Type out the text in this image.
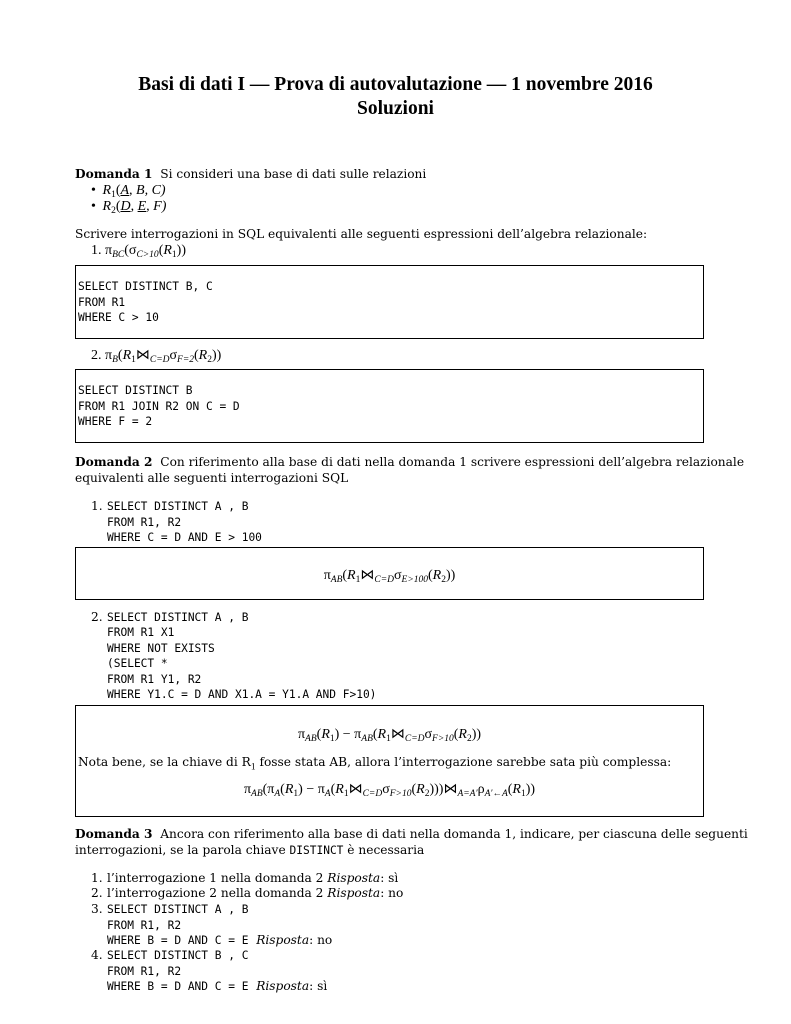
Basi di dati I — Prova di autovalutazione — 1 novembre 2016
Soluzioni
Domanda 1 Si consideri una base di dati sulle relazioni
• $R_1(A$, B, C)
• $R_2(D$, E, F)
Scrivere interrogazioni in SQL equivalenti alle seguenti espressioni dell’algebra relazionale:
1. $\pi_{BC}(\sigma_{C>10}(R_1))$
SELECT DISTINCT B, C
FROM R1
WHERE C > 10
2. $\pi_B(R_1⋈_{C=D}\sigma_{F=2}(R_2))$
SELECT DISTINCT B
FROM R1 JOIN R2 ON C = D
WHERE F = 2
Domanda 2 Con riferimento alla base di dati nella domanda 1 scrivere espressioni dell’algebra relazionale
equivalenti alle seguenti interrogazioni SQL
1. SELECT DISTINCT A , B
FROM R1, R2
WHERE C = D AND E > 100
$\pi_{AB}(R_1⋈_{C=D}\sigma_{E>100}(R_2))$
2. SELECT DISTINCT A , B
FROM R1 X1
WHERE NOT EXISTS
(SELECT *
FROM R1 Y1, R2
WHERE Y1.C = D AND X1.A = Y1.A AND F>10)
$\pi_{AB}(R_1)$ − $\pi_{AB}(R_1⋈_{C=D}\sigma_{F>10}(R_2))$
Nota bene, se la chiave di $R_1$ fosse stata AB, allora l’interrogazione sarebbe sata più complessa:
$\pi_{AB}(\pi_A(R_1)$ − $\pi_A(R_1⋈_{C=D}\sigma_{F>10}(R_2)))⋈_{A=A'}\rho_{A'\leftarrow A}(R_1)$)
Domanda 3 Ancora con riferimento alla base di dati nella domanda 1, indicare, per ciascuna delle seguenti
interrogazioni, se la parola chiave DISTINCT è necessaria
1. l’interrogazione 1 nella domanda 2 Risposta: sì
2. l’interrogazione 2 nella domanda 2 Risposta: no
3. SELECT DISTINCT A , B
FROM R1, R2
WHERE B = D AND C = E Risposta: no
4. SELECT DISTINCT B , C
FROM R1, R2
WHERE B = D AND C = E Risposta: sì
